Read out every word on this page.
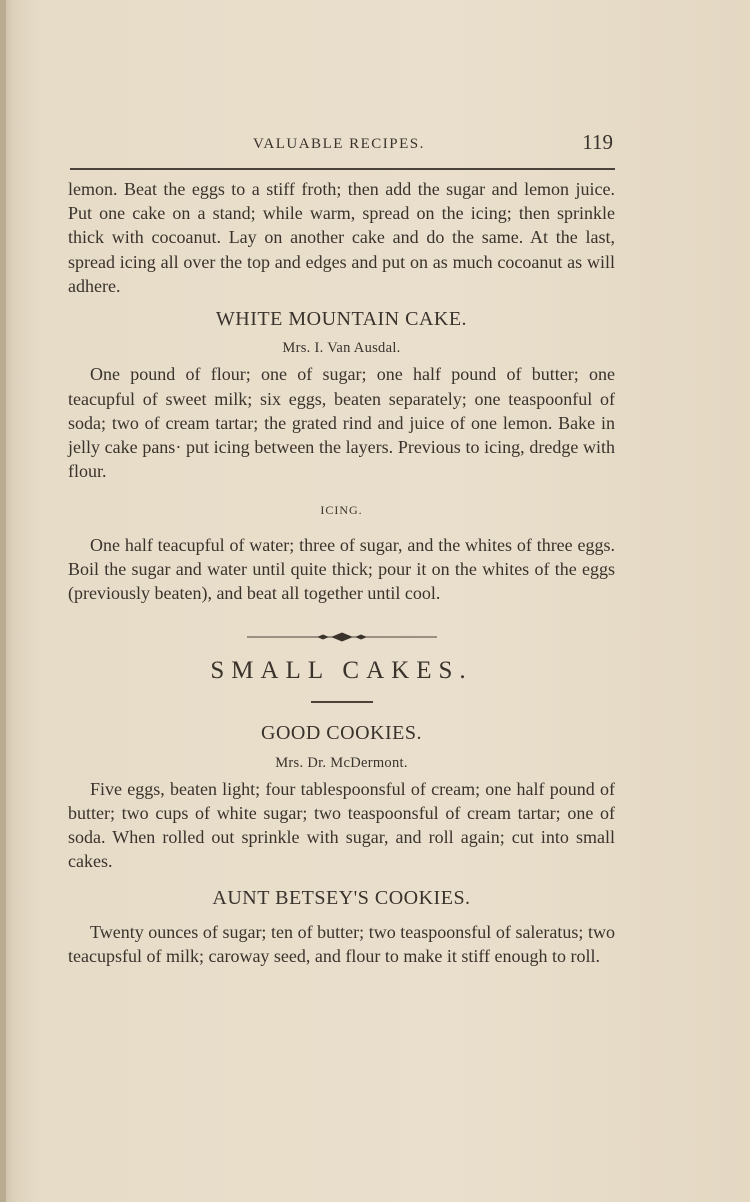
VALUABLE RECIPES.	119

lemon. Beat the eggs to a stiff froth; then add the sugar and lemon juice. Put one cake on a stand; while warm, spread on the icing; then sprinkle thick with cocoanut. Lay on another cake and do the same. At the last, spread icing all over the top and edges and put on as much cocoanut as will adhere.

WHITE MOUNTAIN CAKE.
Mrs. I. Van Ausdal.

One pound of flour; one of sugar; one half pound of butter; one teacupful of sweet milk; six eggs, beaten separately; one teaspoonful of soda; two of cream tartar; the grated rind and juice of one lemon. Bake in jelly cake pans· put icing between the layers. Previous to icing, dredge with flour.

ICING.

One half teacupful of water; three of sugar, and the whites of three eggs. Boil the sugar and water until quite thick; pour it on the whites of the eggs (previously beaten), and beat all together until cool.

SMALL CAKES.
GOOD COOKIES.
Mrs. Dr. McDermont.

Five eggs, beaten light; four tablespoonsful of cream; one half pound of butter; two cups of white sugar; two teaspoonsful of cream tartar; one of soda. When rolled out sprinkle with sugar, and roll again; cut into small cakes.

AUNT BETSEY'S COOKIES.

Twenty ounces of sugar; ten of butter; two teaspoonsful of saleratus; two teacupsful of milk; caroway seed, and flour to make it stiff enough to roll.
